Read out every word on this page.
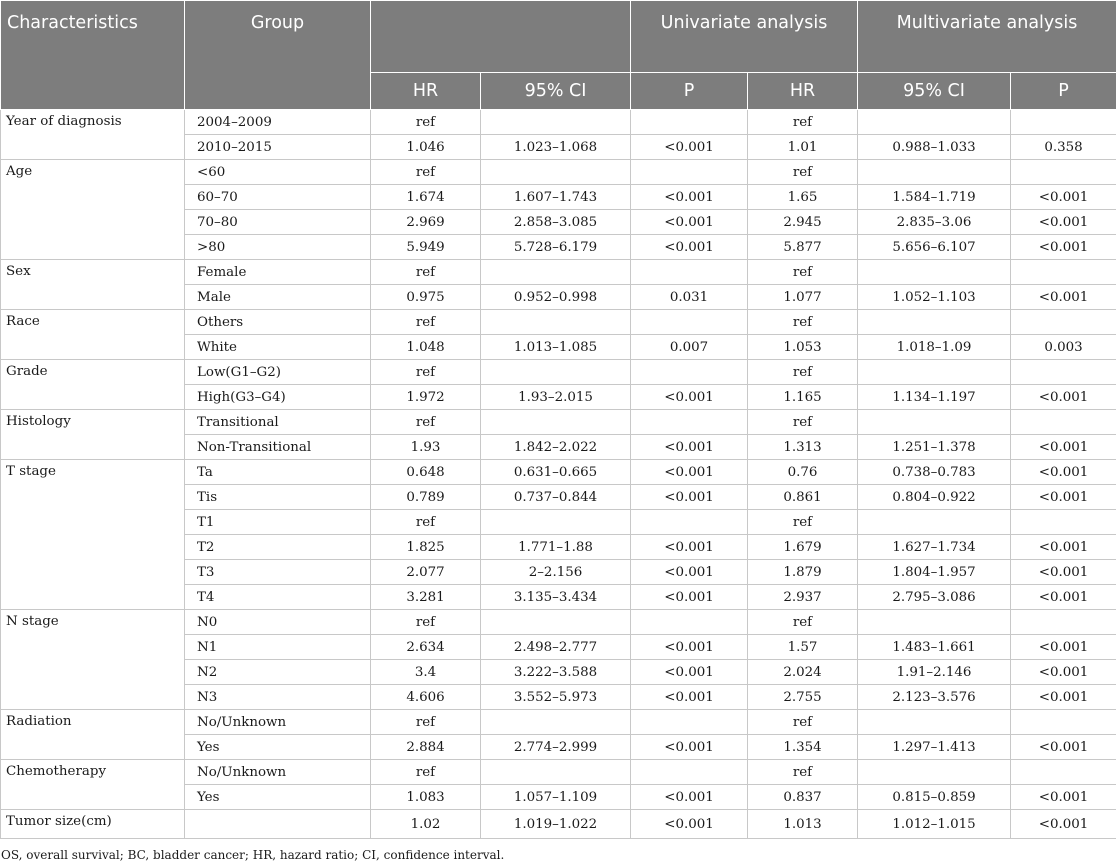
Characteristics	Group			Univariate analysis		Multivariate analysis	
		HR	95% CI	P	HR	95% CI	P
Year of diagnosis	2004–2009	ref			ref		
	2010–2015	1.046	1.023–1.068	<0.001	1.01	0.988–1.033	0.358
Age	<60	ref			ref		
	60–70	1.674	1.607–1.743	<0.001	1.65	1.584–1.719	<0.001
	70–80	2.969	2.858–3.085	<0.001	2.945	2.835–3.06	<0.001
	>80	5.949	5.728–6.179	<0.001	5.877	5.656–6.107	<0.001
Sex	Female	ref			ref		
	Male	0.975	0.952–0.998	0.031	1.077	1.052–1.103	<0.001
Race	Others	ref			ref		
	White	1.048	1.013–1.085	0.007	1.053	1.018–1.09	0.003
Grade	Low(G1–G2)	ref			ref		
	High(G3–G4)	1.972	1.93–2.015	<0.001	1.165	1.134–1.197	<0.001
Histology	Transitional	ref			ref		
	Non-Transitional	1.93	1.842–2.022	<0.001	1.313	1.251–1.378	<0.001
T stage	Ta	0.648	0.631–0.665	<0.001	0.76	0.738–0.783	<0.001
	Tis	0.789	0.737–0.844	<0.001	0.861	0.804–0.922	<0.001
	T1	ref			ref		
	T2	1.825	1.771–1.88	<0.001	1.679	1.627–1.734	<0.001
	T3	2.077	2–2.156	<0.001	1.879	1.804–1.957	<0.001
	T4	3.281	3.135–3.434	<0.001	2.937	2.795–3.086	<0.001
N stage	N0	ref			ref		
	N1	2.634	2.498–2.777	<0.001	1.57	1.483–1.661	<0.001
	N2	3.4	3.222–3.588	<0.001	2.024	1.91–2.146	<0.001
	N3	4.606	3.552–5.973	<0.001	2.755	2.123–3.576	<0.001
Radiation	No/Unknown	ref			ref		
	Yes	2.884	2.774–2.999	<0.001	1.354	1.297–1.413	<0.001
Chemotherapy	No/Unknown	ref			ref		
	Yes	1.083	1.057–1.109	<0.001	0.837	0.815–0.859	<0.001
Tumor size(cm)		1.02	1.019–1.022	<0.001	1.013	1.012–1.015	<0.001

OS, overall survival; BC, bladder cancer; HR, hazard ratio; CI, confidence interval.
